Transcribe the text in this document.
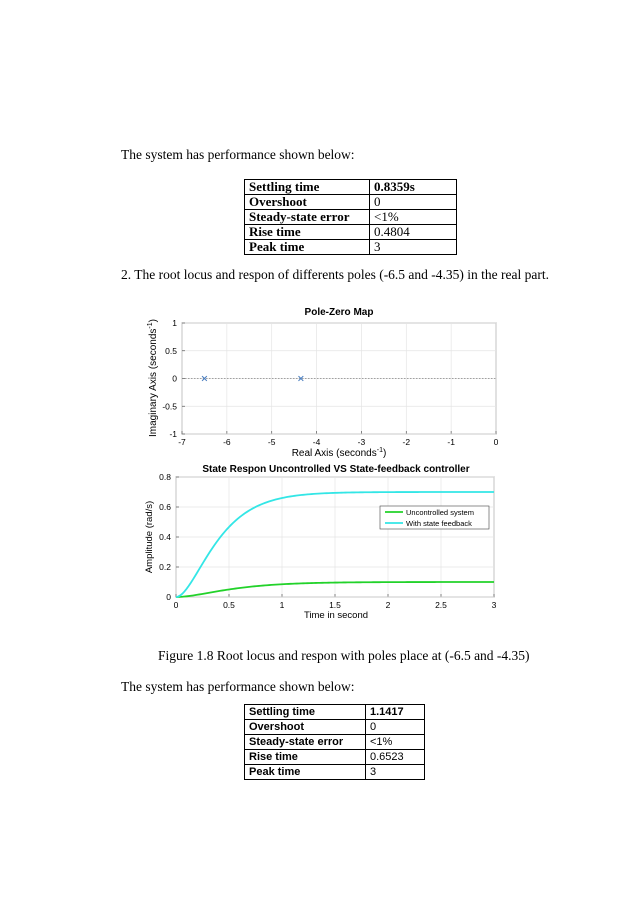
The system has performance shown below:
Settling time	0.8359s
Overshoot	0
Steady-state error	<1%
Rise time	0.4804
Peak time	3
2. The root locus and respon of differents poles (-6.5 and -4.35) in the real part.
Pole-Zero Map
-7	-6	-5	-4	-3	-2	-1	0
1
0.5
0
-0.5
-1
Real Axis (seconds$^{-1}$)
Imaginary Axis (seconds$^{-1}$)
State Respon Uncontrolled VS State-feedback controller
0	0.5	1	1.5	2	2.5	3
0.8
0.6
0.4
0.2
0
Uncontrolled system
With state feedback
Time in second
Amplitude (rad/s)
Figure 1.8 Root locus and respon with poles place at (-6.5 and -4.35)
The system has performance shown below:
Settling time	1.1417
Overshoot	0
Steady-state error	<1%
Rise time	0.6523
Peak time	3
